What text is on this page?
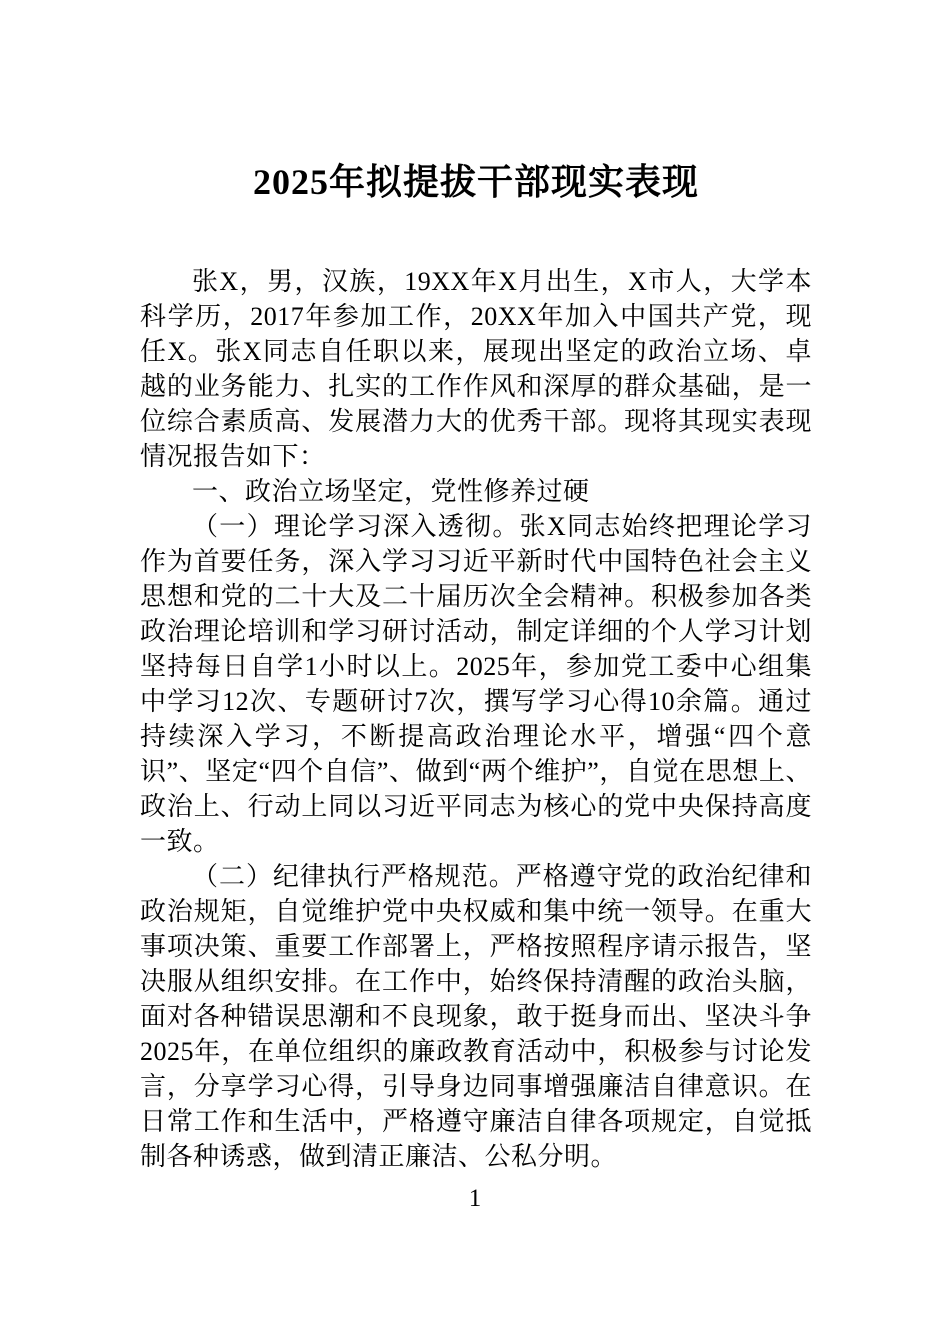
2025年拟提拔干部现实表现

张X，男，汉族，19XX年X月出生，X市人，大学本科学历，2017年参加工作，20XX年加入中国共产党，现任X。张X同志自任职以来，展现出坚定的政治立场、卓越的业务能力、扎实的工作作风和深厚的群众基础，是一位综合素质高、发展潜力大的优秀干部。现将其现实表现情况报告如下：

一、政治立场坚定，党性修养过硬

（一）理论学习深入透彻。张X同志始终把理论学习作为首要任务，深入学习习近平新时代中国特色社会主义思想和党的二十大及二十届历次全会精神。积极参加各类政治理论培训和学习研讨活动，制定详细的个人学习计划坚持每日自学1小时以上。2025年，参加党工委中心组集中学习12次、专题研讨7次，撰写学习心得10余篇。通过持续深入学习，不断提高政治理论水平，增强“四个意识”、坚定“四个自信”、做到“两个维护”，自觉在思想上、政治上、行动上同以习近平同志为核心的党中央保持高度一致。

（二）纪律执行严格规范。严格遵守党的政治纪律和政治规矩，自觉维护党中央权威和集中统一领导。在重大事项决策、重要工作部署上，严格按照程序请示报告，坚决服从组织安排。在工作中，始终保持清醒的政治头脑，面对各种错误思潮和不良现象，敢于挺身而出、坚决斗争2025年，在单位组织的廉政教育活动中，积极参与讨论发言，分享学习心得，引导身边同事增强廉洁自律意识。在日常工作和生活中，严格遵守廉洁自律各项规定，自觉抵制各种诱惑，做到清正廉洁、公私分明。

1
